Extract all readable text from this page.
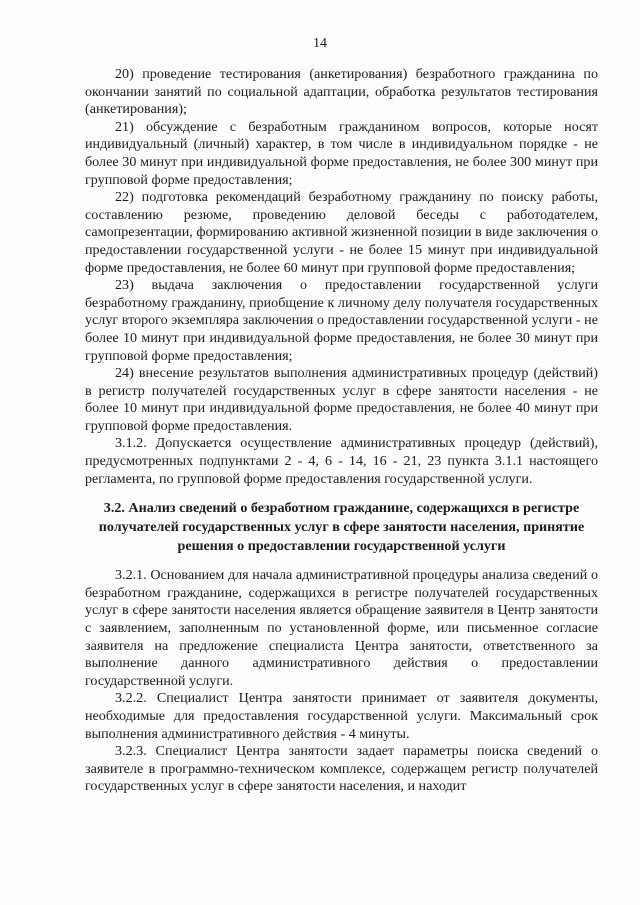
14

20) проведение тестирования (анкетирования) безработного гражданина по окончании занятий по социальной адаптации, обработка результатов тестирования (анкетирования);

21) обсуждение с безработным гражданином вопросов, которые носят индивидуальный (личный) характер, в том числе в индивидуальном порядке - не более 30 минут при индивидуальной форме предоставления, не более 300 минут при групповой форме предоставления;

22) подготовка рекомендаций безработному гражданину по поиску работы, составлению резюме, проведению деловой беседы с работодателем, самопрезентации, формированию активной жизненной позиции в виде заключения о предоставлении государственной услуги - не более 15 минут при индивидуальной форме предоставления, не более 60 минут при групповой форме предоставления;

23) выдача заключения о предоставлении государственной услуги безработному гражданину, приобщение к личному делу получателя государственных услуг второго экземпляра заключения о предоставлении государственной услуги - не более 10 минут при индивидуальной форме предоставления, не более 30 минут при групповой форме предоставления;

24) внесение результатов выполнения административных процедур (действий) в регистр получателей государственных услуг в сфере занятости населения - не более 10 минут при индивидуальной форме предоставления, не более 40 минут при групповой форме предоставления.

3.1.2. Допускается осуществление административных процедур (действий), предусмотренных подпунктами 2 - 4, 6 - 14, 16 - 21, 23 пункта 3.1.1 настоящего регламента, по групповой форме предоставления государственной услуги.

3.2. Анализ сведений о безработном гражданине, содержащихся в регистре получателей государственных услуг в сфере занятости населения, принятие решения о предоставлении государственной услуги

3.2.1. Основанием для начала административной процедуры анализа сведений о безработном гражданине, содержащихся в регистре получателей государственных услуг в сфере занятости населения является обращение заявителя в Центр занятости с заявлением, заполненным по установленной форме, или письменное согласие заявителя на предложение специалиста Центра занятости, ответственного за выполнение данного административного действия о предоставлении государственной услуги.

3.2.2. Специалист Центра занятости принимает от заявителя документы, необходимые для предоставления государственной услуги. Максимальный срок выполнения административного действия - 4 минуты.

3.2.3. Специалист Центра занятости задает параметры поиска сведений о заявителе в программно-техническом комплексе, содержащем регистр получателей государственных услуг в сфере занятости населения, и находит
